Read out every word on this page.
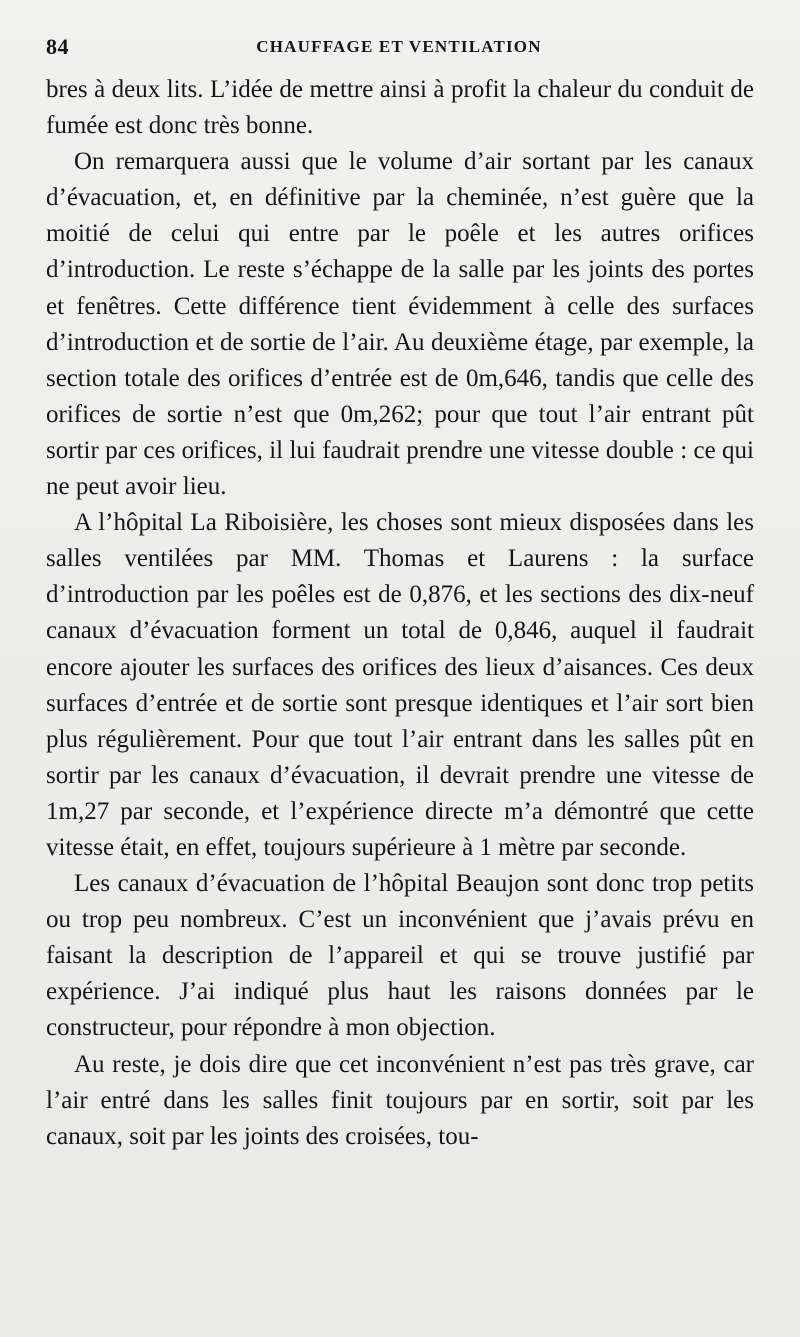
84	CHAUFFAGE ET VENTILATION

bres à deux lits. L’idée de mettre ainsi à profit la chaleur du conduit de fumée est donc très bonne.

On remarquera aussi que le volume d’air sortant par les canaux d’évacuation, et, en définitive par la cheminée, n’est guère que la moitié de celui qui entre par le poêle et les autres orifices d’introduction. Le reste s’échappe de la salle par les joints des portes et fenêtres. Cette différence tient évidemment à celle des surfaces d’introduction et de sortie de l’air. Au deuxième étage, par exemple, la section totale des orifices d’entrée est de 0m,646, tandis que celle des orifices de sortie n’est que 0m,262; pour que tout l’air entrant pût sortir par ces orifices, il lui faudrait prendre une vitesse double : ce qui ne peut avoir lieu.

A l’hôpital La Riboisière, les choses sont mieux disposées dans les salles ventilées par MM. Thomas et Laurens : la surface d’introduction par les poêles est de 0,876, et les sections des dix-neuf canaux d’évacuation forment un total de 0,846, auquel il faudrait encore ajouter les surfaces des orifices des lieux d’aisances. Ces deux surfaces d’entrée et de sortie sont presque identiques et l’air sort bien plus régulièrement. Pour que tout l’air entrant dans les salles pût en sortir par les canaux d’évacuation, il devrait prendre une vitesse de 1m,27 par seconde, et l’expérience directe m’a démontré que cette vitesse était, en effet, toujours supérieure à 1 mètre par seconde.

Les canaux d’évacuation de l’hôpital Beaujon sont donc trop petits ou trop peu nombreux. C’est un inconvénient que j’avais prévu en faisant la description de l’appareil et qui se trouve justifié par expérience. J’ai indiqué plus haut les raisons données par le constructeur, pour répondre à mon objection.

Au reste, je dois dire que cet inconvénient n’est pas très grave, car l’air entré dans les salles finit toujours par en sortir, soit par les canaux, soit par les joints des croisées, tou-
